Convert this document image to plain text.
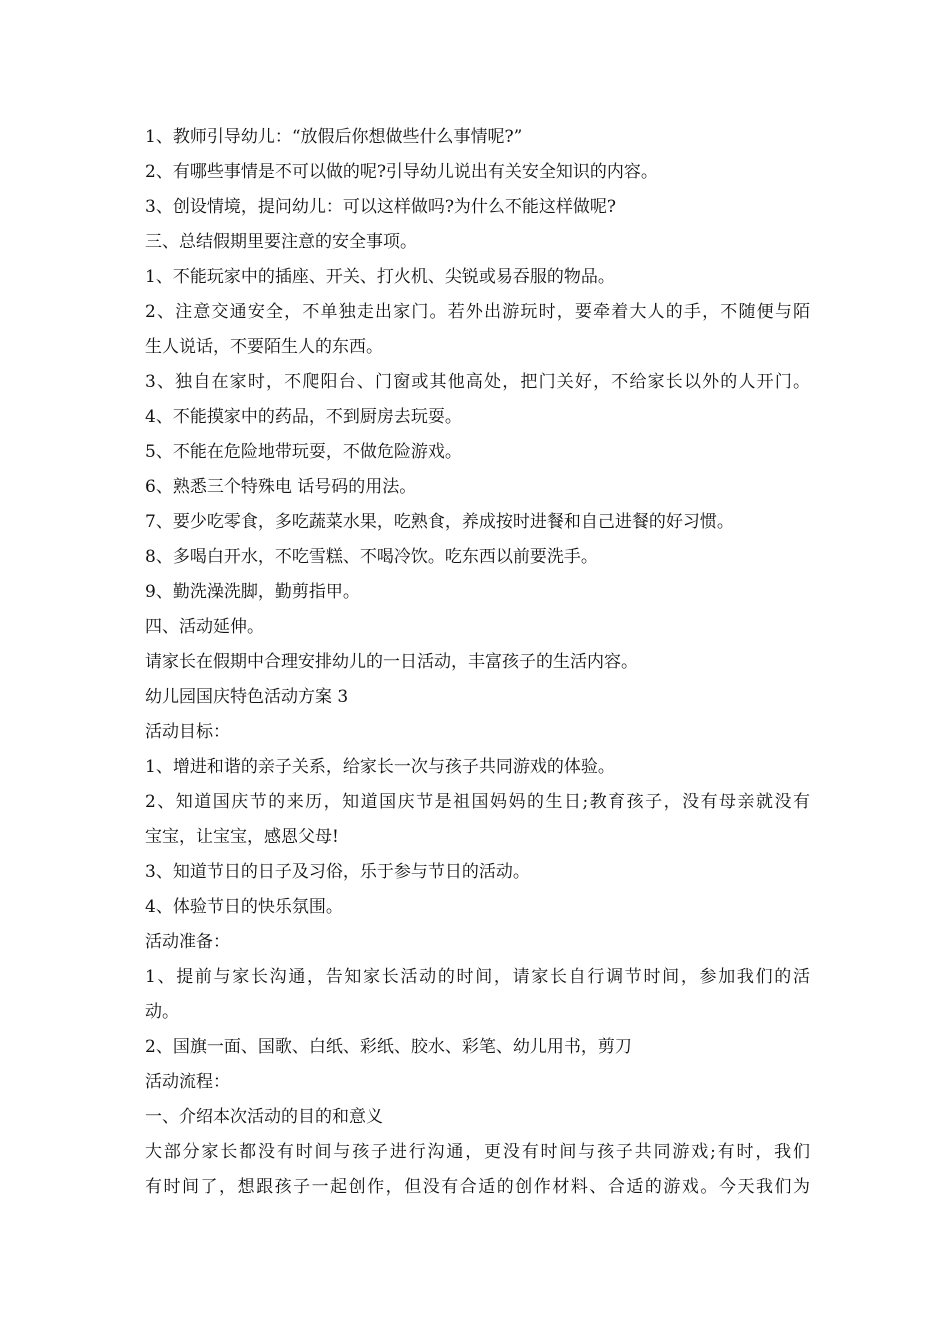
1、教师引导幼儿：“放假后你想做些什么事情呢?”
2、有哪些事情是不可以做的呢?引导幼儿说出有关安全知识的内容。
3、创设情境，提问幼儿：可以这样做吗?为什么不能这样做呢?
三、总结假期里要注意的安全事项。
1、不能玩家中的插座、开关、打火机、尖锐或易吞服的物品。
2、注意交通安全，不单独走出家门。若外出游玩时，要牵着大人的手，不随便与陌
生人说话，不要陌生人的东西。
3、独自在家时，不爬阳台、门窗或其他高处，把门关好，不给家长以外的人开门。
4、不能摸家中的药品，不到厨房去玩耍。
5、不能在危险地带玩耍，不做危险游戏。
6、熟悉三个特殊电 话号码的用法。
7、要少吃零食，多吃蔬菜水果，吃熟食，养成按时进餐和自己进餐的好习惯。
8、多喝白开水，不吃雪糕、不喝冷饮。吃东西以前要洗手。
9、勤洗澡洗脚，勤剪指甲。
四、活动延伸。
请家长在假期中合理安排幼儿的一日活动，丰富孩子的生活内容。
幼儿园国庆特色活动方案 3
活动目标：
1、增进和谐的亲子关系，给家长一次与孩子共同游戏的体验。
2、知道国庆节的来历，知道国庆节是祖国妈妈的生日;教育孩子，没有母亲就没有
宝宝，让宝宝，感恩父母!
3、知道节日的日子及习俗，乐于参与节日的活动。
4、体验节日的快乐氛围。
活动准备：
1、提前与家长沟通，告知家长活动的时间，请家长自行调节时间，参加我们的活
动。
2、国旗一面、国歌、白纸、彩纸、胶水、彩笔、幼儿用书，剪刀
活动流程：
一、介绍本次活动的目的和意义
大部分家长都没有时间与孩子进行沟通，更没有时间与孩子共同游戏;有时，我们
有时间了，想跟孩子一起创作，但没有合适的创作材料、合适的游戏。今天我们为
